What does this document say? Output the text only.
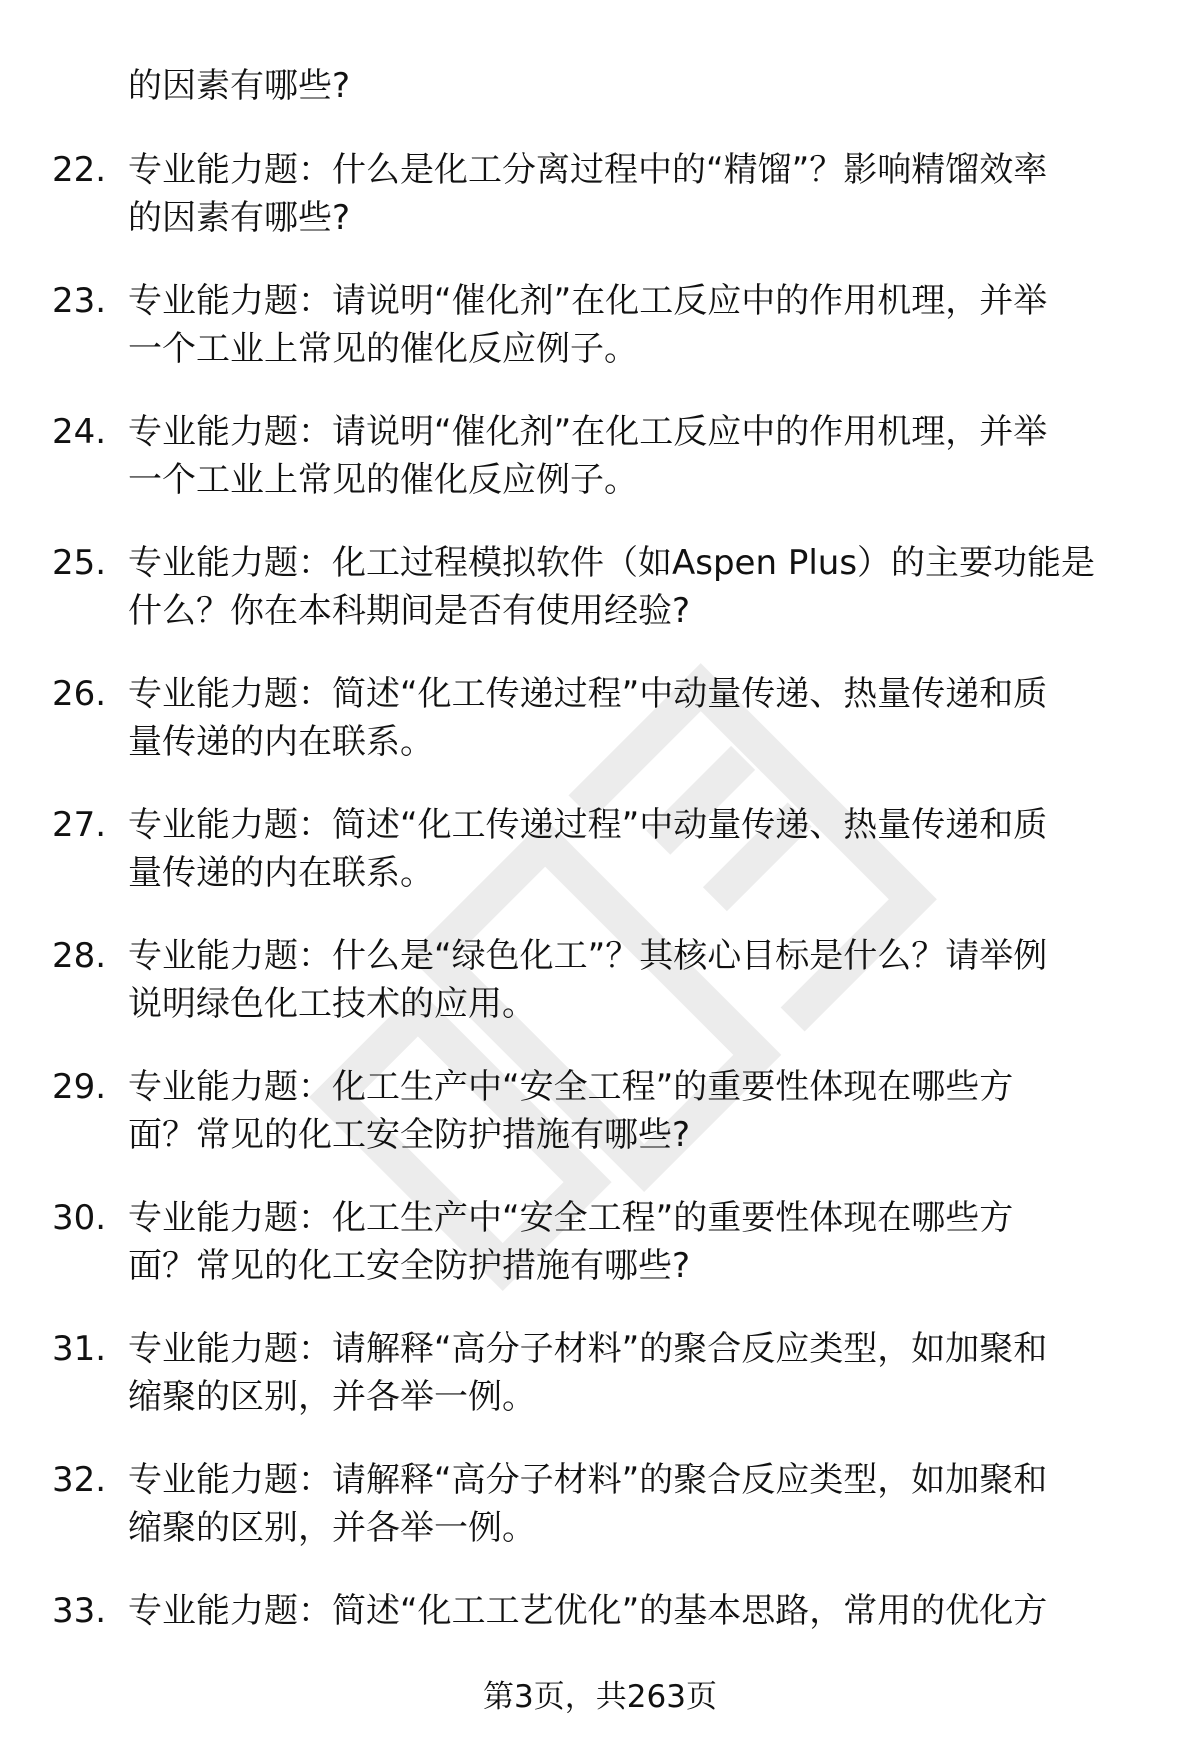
的因素有哪些?
22. 专业能力题：什么是化工分离过程中的“精馏”？影响精馏效率
的因素有哪些?
23. 专业能力题：请说明“催化剂”在化工反应中的作用机理，并举
一个工业上常见的催化反应例子。
24. 专业能力题：请说明“催化剂”在化工反应中的作用机理，并举
一个工业上常见的催化反应例子。
25. 专业能力题：化工过程模拟软件（如Aspen Plus）的主要功能是
什么？你在本科期间是否有使用经验?
26. 专业能力题：简述“化工传递过程”中动量传递、热量传递和质
量传递的内在联系。
27. 专业能力题：简述“化工传递过程”中动量传递、热量传递和质
量传递的内在联系。
28. 专业能力题：什么是“绿色化工”？其核心目标是什么？请举例
说明绿色化工技术的应用。
29. 专业能力题：化工生产中“安全工程”的重要性体现在哪些方
面？常见的化工安全防护措施有哪些?
30. 专业能力题：化工生产中“安全工程”的重要性体现在哪些方
面？常见的化工安全防护措施有哪些?
31. 专业能力题：请解释“高分子材料”的聚合反应类型，如加聚和
缩聚的区别，并各举一例。
32. 专业能力题：请解释“高分子材料”的聚合反应类型，如加聚和
缩聚的区别，并各举一例。
33. 专业能力题：简述“化工工艺优化”的基本思路，常用的优化方
第3页，共263页
